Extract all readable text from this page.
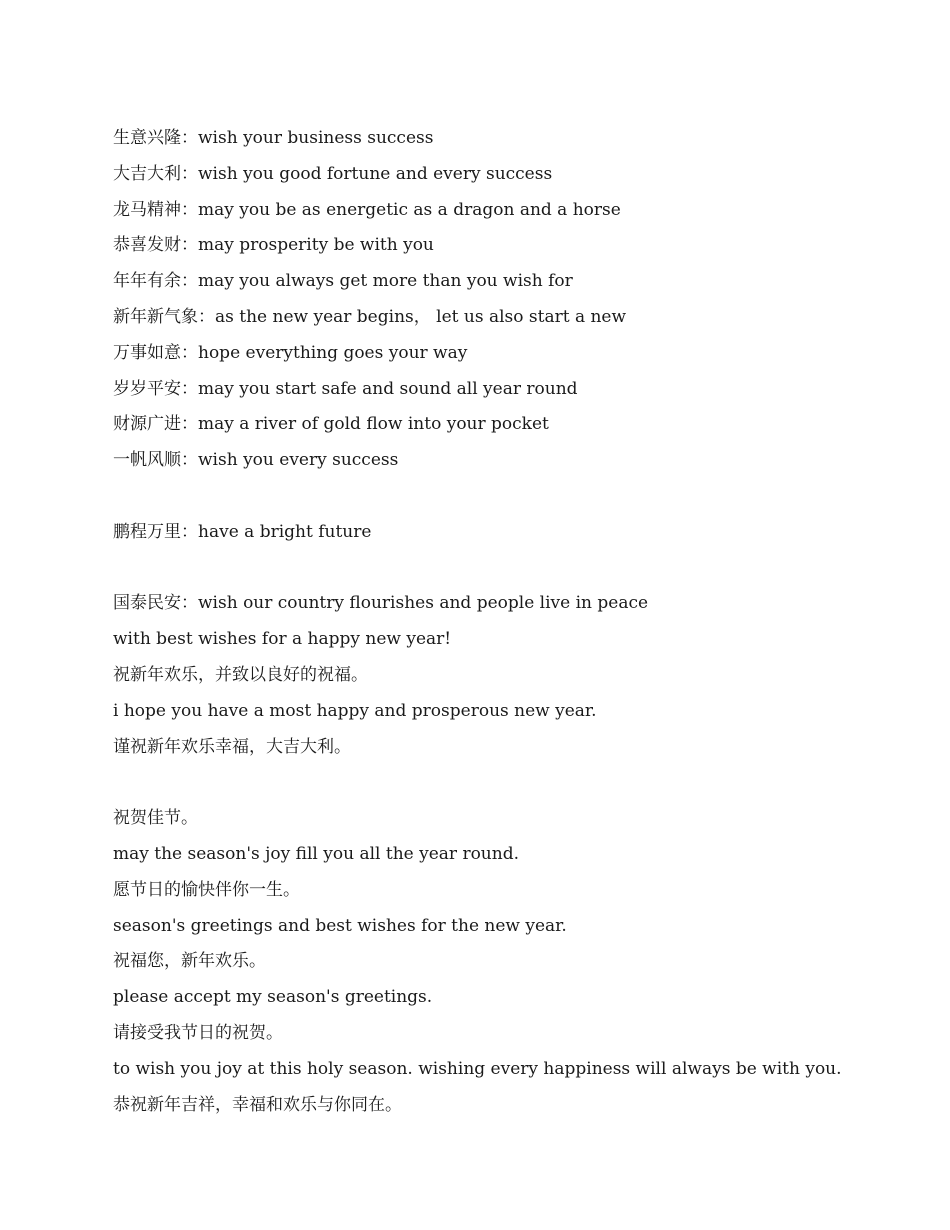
生意兴隆：wish your business success
大吉大利：wish you good fortune and every success
龙马精神：may you be as energetic as a dragon and a horse
恭喜发财：may prosperity be with you
年年有余：may you always get more than you wish for
新年新气象：as the new year begins， let us also start a new
万事如意：hope everything goes your way
岁岁平安：may you start safe and sound all year round
财源广进：may a river of gold flow into your pocket
一帆风顺：wish you every success
鹏程万里：have a bright future
国泰民安：wish our country flourishes and people live in peace
with best wishes for a happy new year!
祝新年欢乐，并致以良好的祝福。
i hope you have a most happy and prosperous new year.
谨祝新年欢乐幸福，大吉大利。
祝贺佳节。
may the season's joy fill you all the year round.
愿节日的愉快伴你一生。
season's greetings and best wishes for the new year.
祝福您，新年欢乐。
please accept my season's greetings.
请接受我节日的祝贺。
to wish you joy at this holy season. wishing every happiness will always be with you.
恭祝新年吉祥，幸福和欢乐与你同在。
